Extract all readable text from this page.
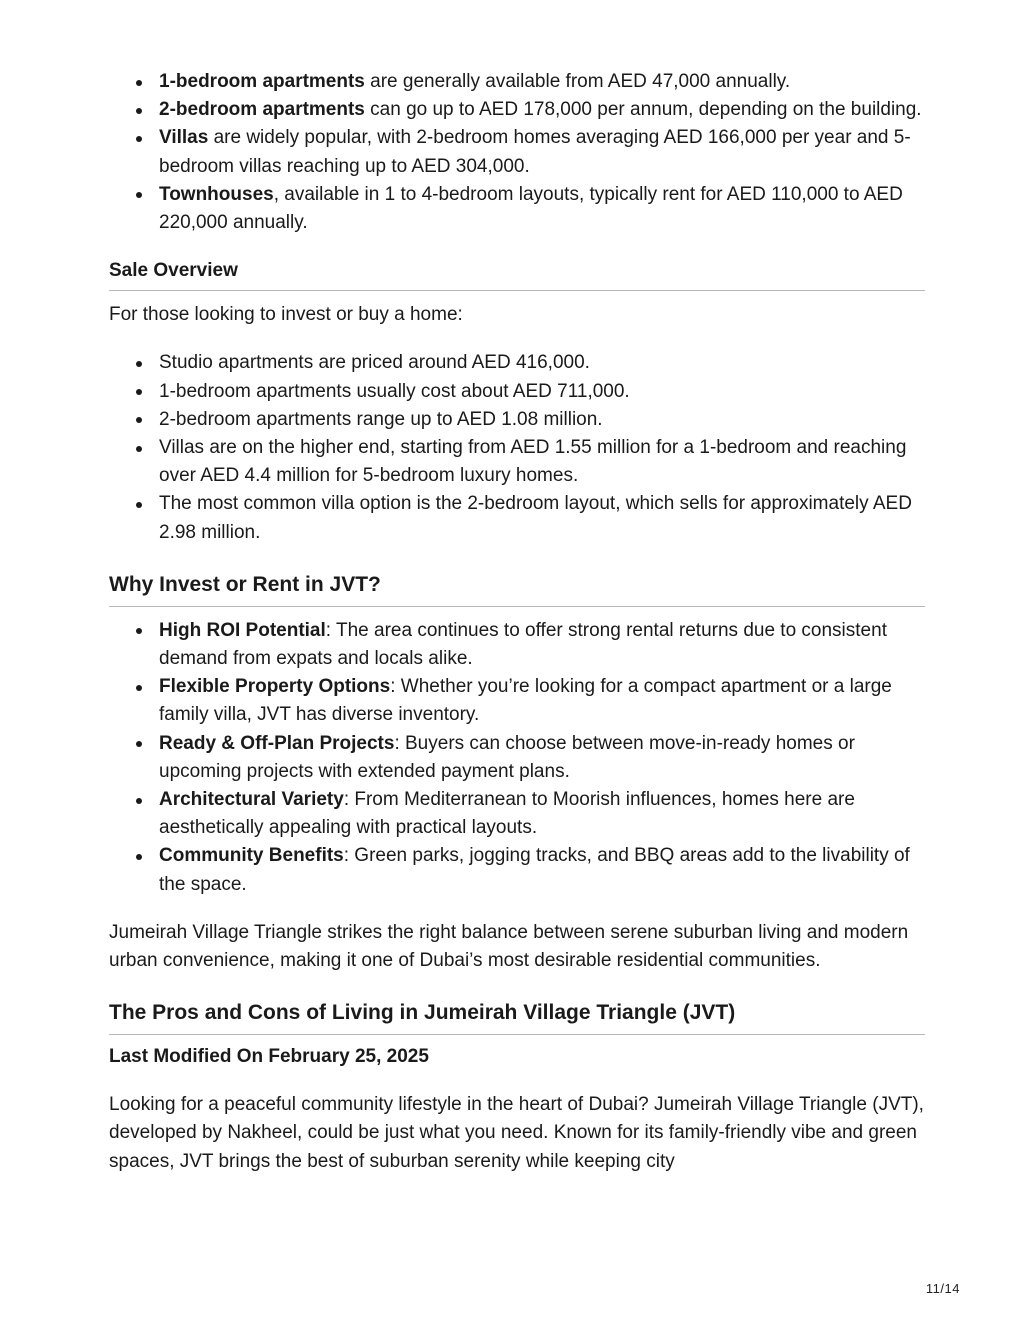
1-bedroom apartments are generally available from AED 47,000 annually.
2-bedroom apartments can go up to AED 178,000 per annum, depending on the building.
Villas are widely popular, with 2-bedroom homes averaging AED 166,000 per year and 5-bedroom villas reaching up to AED 304,000.
Townhouses, available in 1 to 4-bedroom layouts, typically rent for AED 110,000 to AED 220,000 annually.
Sale Overview

For those looking to invest or buy a home:

Studio apartments are priced around AED 416,000.
1-bedroom apartments usually cost about AED 711,000.
2-bedroom apartments range up to AED 1.08 million.
Villas are on the higher end, starting from AED 1.55 million for a 1-bedroom and reaching over AED 4.4 million for 5-bedroom luxury homes.
The most common villa option is the 2-bedroom layout, which sells for approximately AED 2.98 million.
Why Invest or Rent in JVT?
High ROI Potential: The area continues to offer strong rental returns due to consistent demand from expats and locals alike.
Flexible Property Options: Whether you’re looking for a compact apartment or a large family villa, JVT has diverse inventory.
Ready & Off-Plan Projects: Buyers can choose between move-in-ready homes or upcoming projects with extended payment plans.
Architectural Variety: From Mediterranean to Moorish influences, homes here are aesthetically appealing with practical layouts.
Community Benefits: Green parks, jogging tracks, and BBQ areas add to the livability of the space.

Jumeirah Village Triangle strikes the right balance between serene suburban living and modern urban convenience, making it one of Dubai’s most desirable residential communities.

The Pros and Cons of Living in Jumeirah Village Triangle (JVT)
Last Modified On February 25, 2025

Looking for a peaceful community lifestyle in the heart of Dubai? Jumeirah Village Triangle (JVT), developed by Nakheel, could be just what you need. Known for its family-friendly vibe and green spaces, JVT brings the best of suburban serenity while keeping city

11/14
